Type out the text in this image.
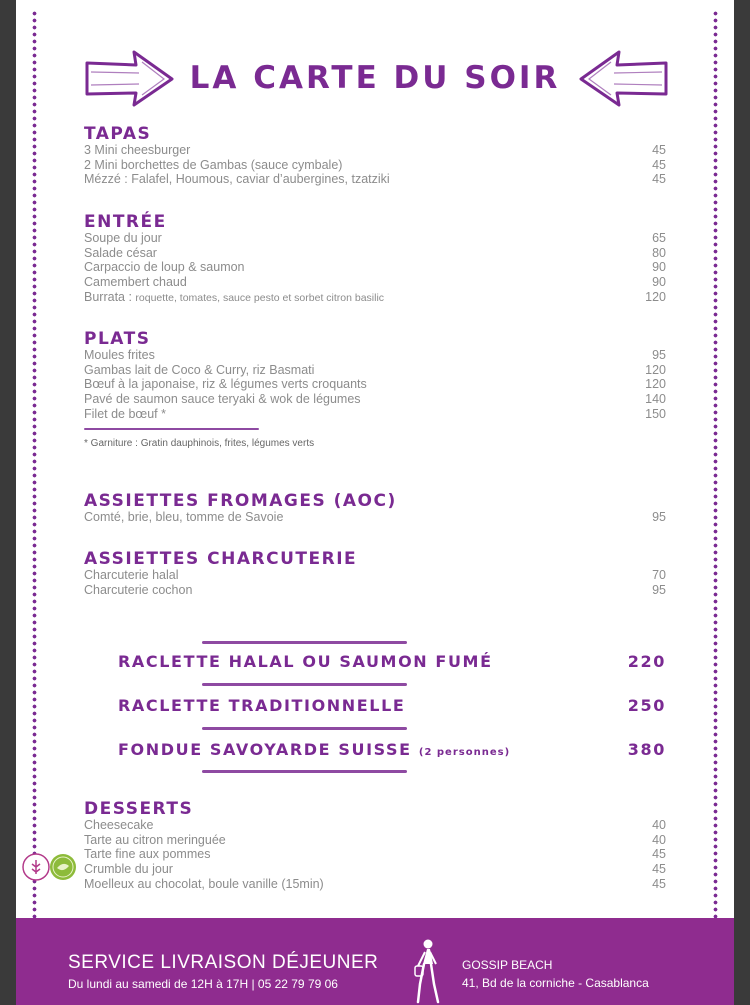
LA CARTE DU SOIR
TAPAS
3 Mini cheesburger	45
2 Mini borchettes de Gambas (sauce cymbale)	45
Mézzé : Falafel, Houmous, caviar d’aubergines, tzatziki	45
ENTRÉE
Soupe du jour	65
Salade césar	80
Carpaccio de loup & saumon	90
Camembert chaud	90
Burrata : roquette, tomates, sauce pesto et sorbet citron basilic	120
PLATS
Moules frites	95
Gambas lait de Coco & Curry, riz Basmati	120
Bœuf à la japonaise, riz & légumes verts croquants	120
Pavé de saumon sauce teryaki & wok de légumes	140
Filet de bœuf *	150
* Garniture : Gratin dauphinois, frites, légumes verts
ASSIETTES FROMAGES (AOC)
Comté, brie, bleu, tomme de Savoie	95
ASSIETTES CHARCUTERIE
Charcuterie halal	70
Charcuterie cochon	95
RACLETTE HALAL OU SAUMON FUMÉ	220
RACLETTE TRADITIONNELLE	250
FONDUE SAVOYARDE SUISSE (2 personnes)	380
DESSERTS
Cheesecake	40
Tarte au citron meringuée	40
Tarte fine aux pommes	45
Crumble du jour	45
Moelleux au chocolat, boule vanille (15min)	45
SERVICE LIVRAISON DÉJEUNER
Du lundi au samedi de 12H à 17H | 05 22 79 79 06
GOSSIP BEACH
41, Bd de la corniche - Casablanca
